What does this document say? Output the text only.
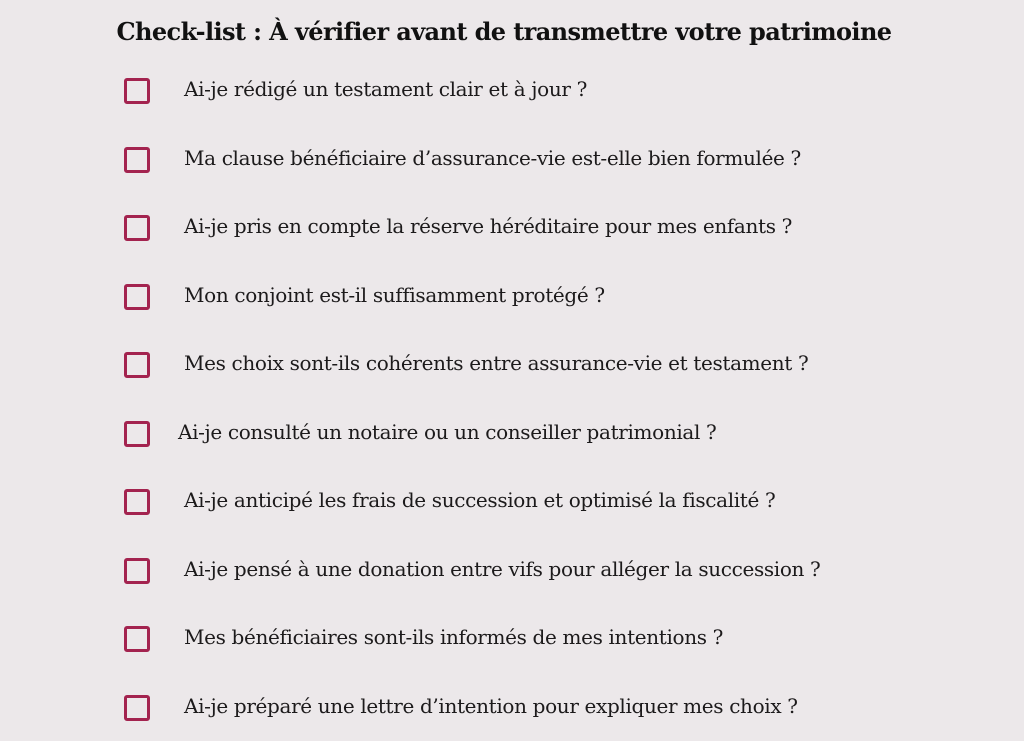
Check-list : À vérifier avant de transmettre votre patrimoine
Ai-je rédigé un testament clair et à jour ?
Ma clause bénéficiaire d’assurance-vie est-elle bien formulée ?
Ai-je pris en compte la réserve héréditaire pour mes enfants ?
Mon conjoint est-il suffisamment protégé ?
Mes choix sont-ils cohérents entre assurance-vie et testament ?
Ai-je consulté un notaire ou un conseiller patrimonial ?
Ai-je anticipé les frais de succession et optimisé la fiscalité ?
Ai-je pensé à une donation entre vifs pour alléger la succession ?
Mes bénéficiaires sont-ils informés de mes intentions ?
Ai-je préparé une lettre d’intention pour expliquer mes choix ?
